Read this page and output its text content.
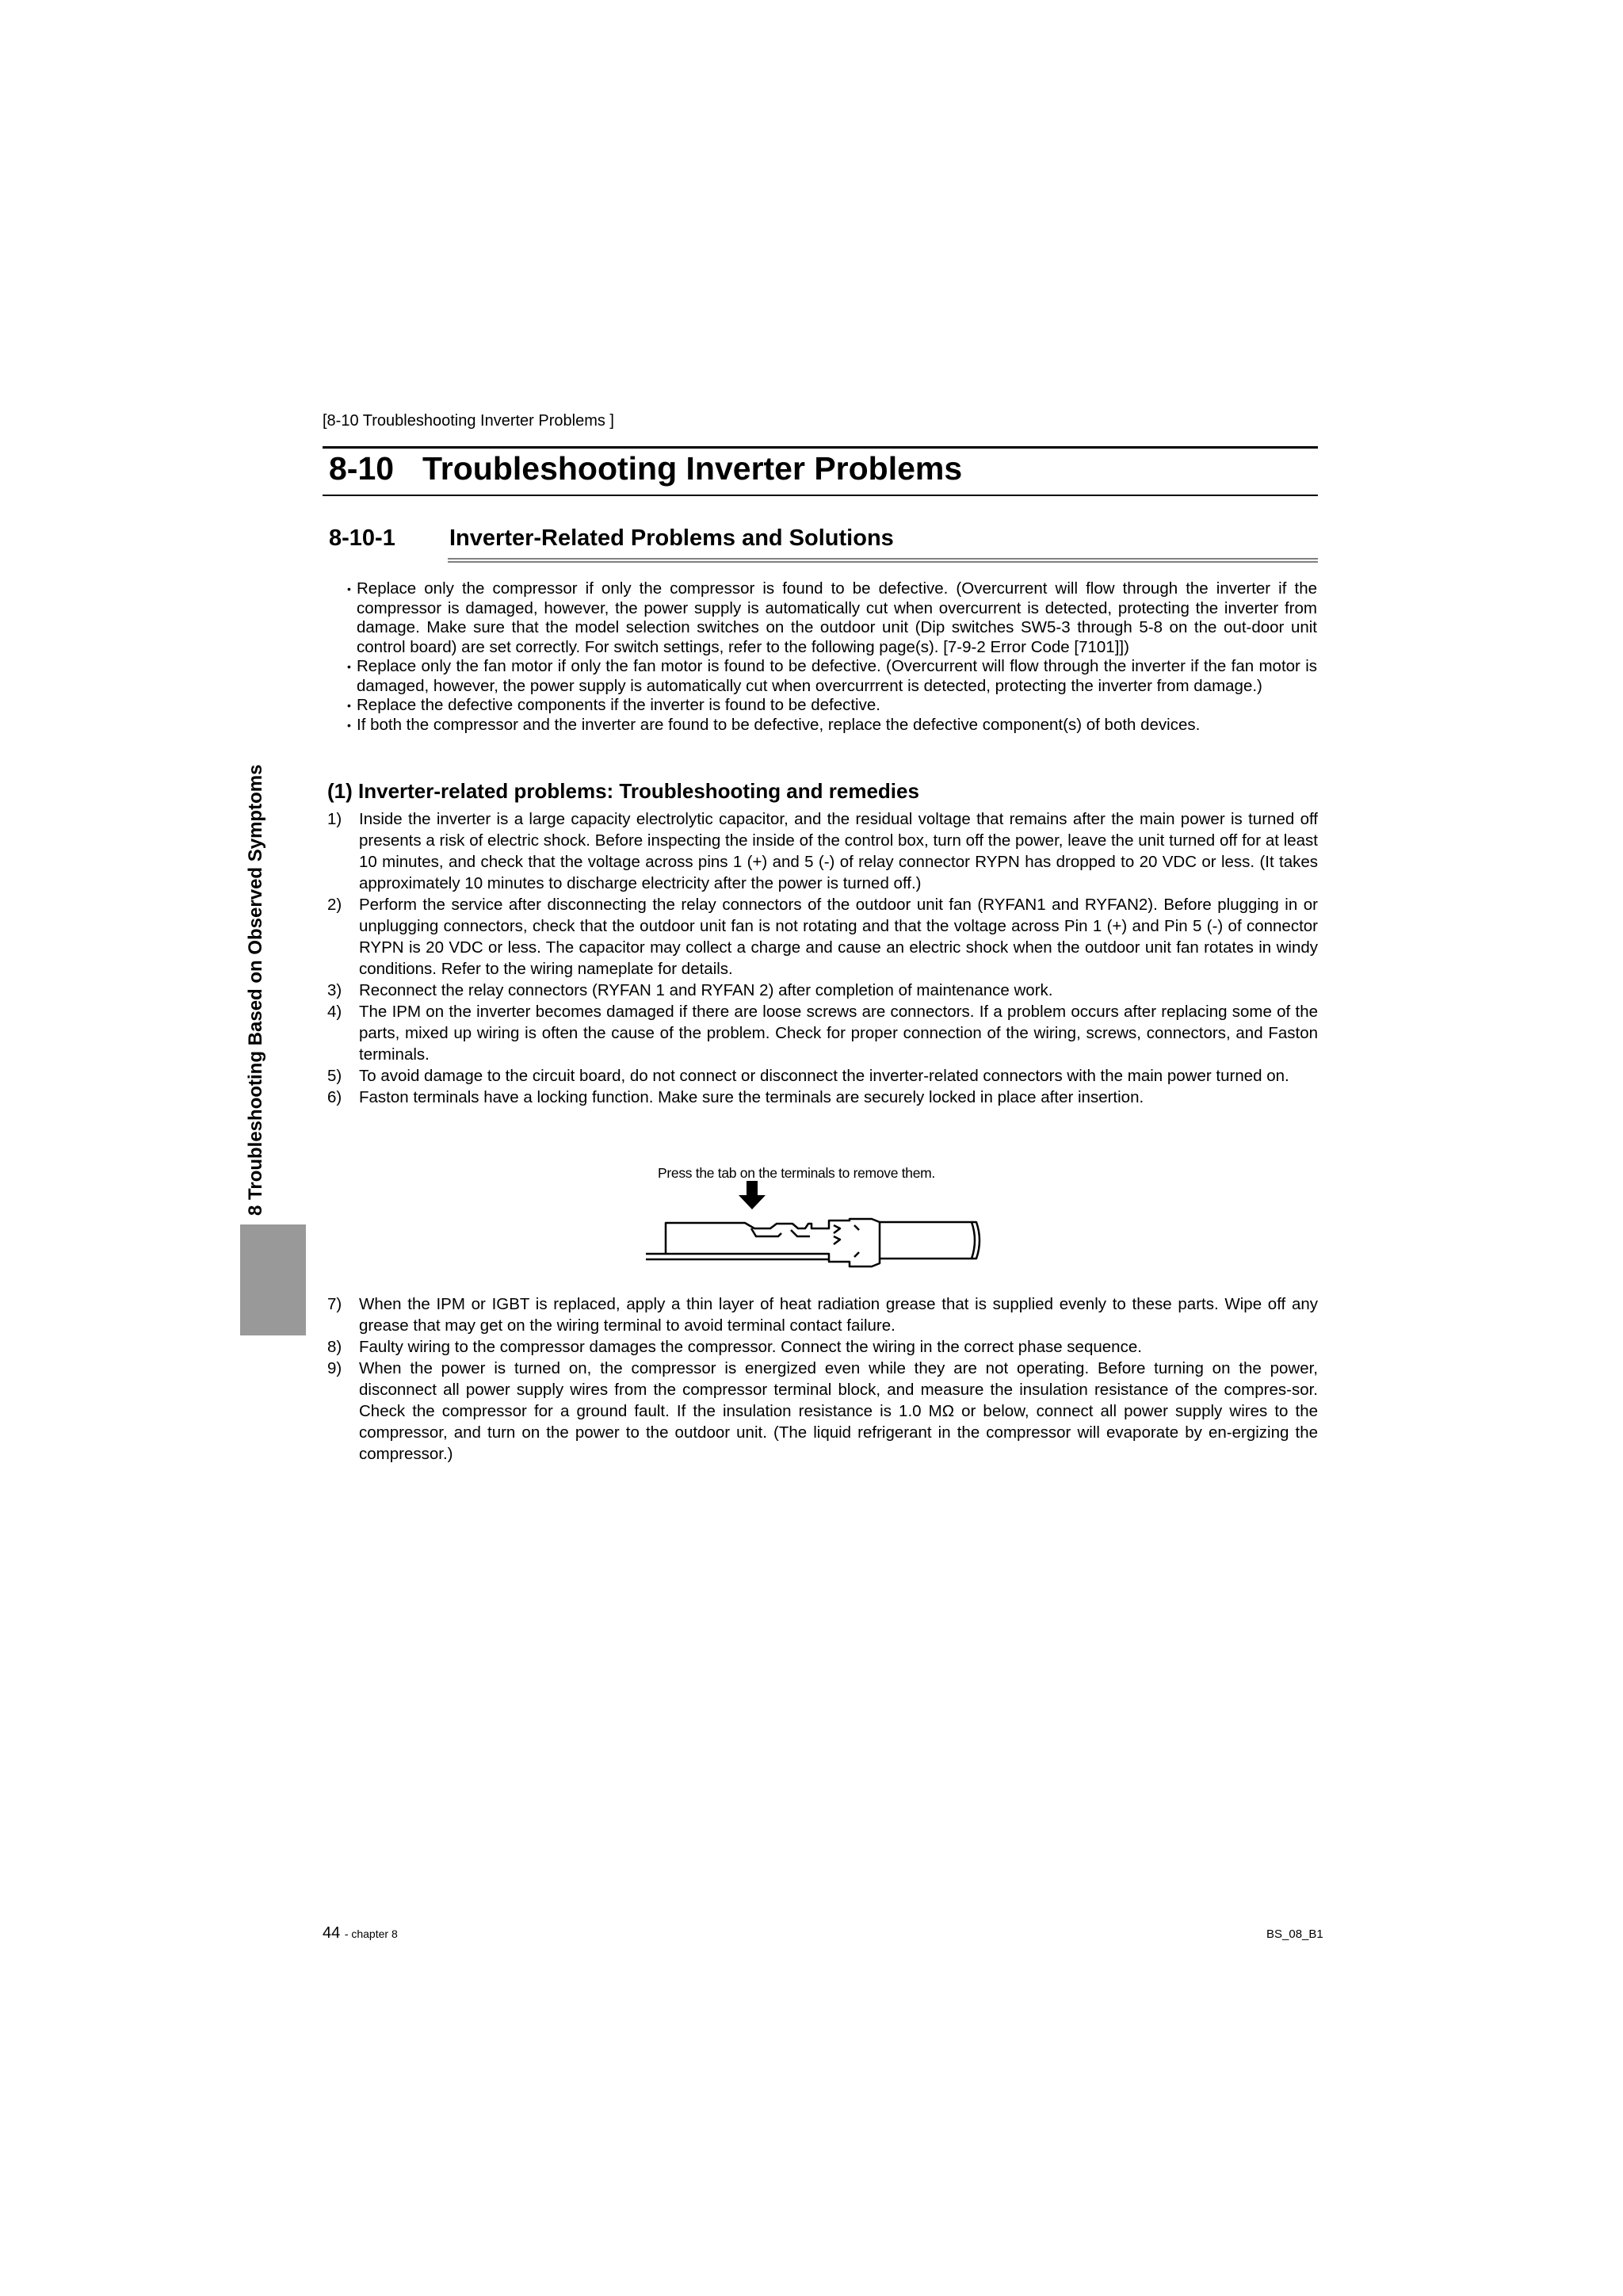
[8-10 Troubleshooting Inverter Problems ]
8-10 Troubleshooting Inverter Problems
8-10-1 Inverter-Related Problems and Solutions
• Replace only the compressor if only the compressor is found to be defective. (Overcurrent will flow through the inverter if the compressor is damaged, however, the power supply is automatically cut when overcurrent is detected, protecting the inverter from damage. Make sure that the model selection switches on the outdoor unit (Dip switches SW5-3 through 5-8 on the out-door unit control board) are set correctly. For switch settings, refer to the following page(s). [7-9-2 Error Code [7101]])
• Replace only the fan motor if only the fan motor is found to be defective. (Overcurrent will flow through the inverter if the fan motor is damaged, however, the power supply is automatically cut when overcurrrent is detected, protecting the inverter from damage.)
• Replace the defective components if the inverter is found to be defective.
• If both the compressor and the inverter are found to be defective, replace the defective component(s) of both devices.
(1) Inverter-related problems: Troubleshooting and remedies
1)	Inside the inverter is a large capacity electrolytic capacitor, and the residual voltage that remains after the main power is turned off presents a risk of electric shock. Before inspecting the inside of the control box, turn off the power, leave the unit turned off for at least 10 minutes, and check that the voltage across pins 1 (+) and 5 (-) of relay connector RYPN has dropped to 20 VDC or less. (It takes approximately 10 minutes to discharge electricity after the power is turned off.)
2)	Perform the service after disconnecting the relay connectors of the outdoor unit fan (RYFAN1 and RYFAN2). Before plugging in or unplugging connectors, check that the outdoor unit fan is not rotating and that the voltage across Pin 1 (+) and Pin 5 (-) of connector RYPN is 20 VDC or less. The capacitor may collect a charge and cause an electric shock when the outdoor unit fan rotates in windy conditions. Refer to the wiring nameplate for details.
3)	Reconnect the relay connectors (RYFAN 1 and RYFAN 2) after completion of maintenance work.
4)	The IPM on the inverter becomes damaged if there are loose screws are connectors. If a problem occurs after replacing some of the parts, mixed up wiring is often the cause of the problem. Check for proper connection of the wiring, screws, connectors, and Faston terminals.
5)	To avoid damage to the circuit board, do not connect or disconnect the inverter-related connectors with the main power turned on.
6)	Faston terminals have a locking function. Make sure the terminals are securely locked in place after insertion.
Press the tab on the terminals to remove them.
7)	When the IPM or IGBT is replaced, apply a thin layer of heat radiation grease that is supplied evenly to these parts. Wipe off any grease that may get on the wiring terminal to avoid terminal contact failure.
8)	Faulty wiring to the compressor damages the compressor. Connect the wiring in the correct phase sequence.
9)	When the power is turned on, the compressor is energized even while they are not operating. Before turning on the power, disconnect all power supply wires from the compressor terminal block, and measure the insulation resistance of the compres-sor. Check the compressor for a ground fault. If the insulation resistance is 1.0 MΩ or below, connect all power supply wires to the compressor, and turn on the power to the outdoor unit. (The liquid refrigerant in the compressor will evaporate by en-ergizing the compressor.)
8 Troubleshooting Based on Observed Symptoms
44 - chapter 8	BS_08_B1
